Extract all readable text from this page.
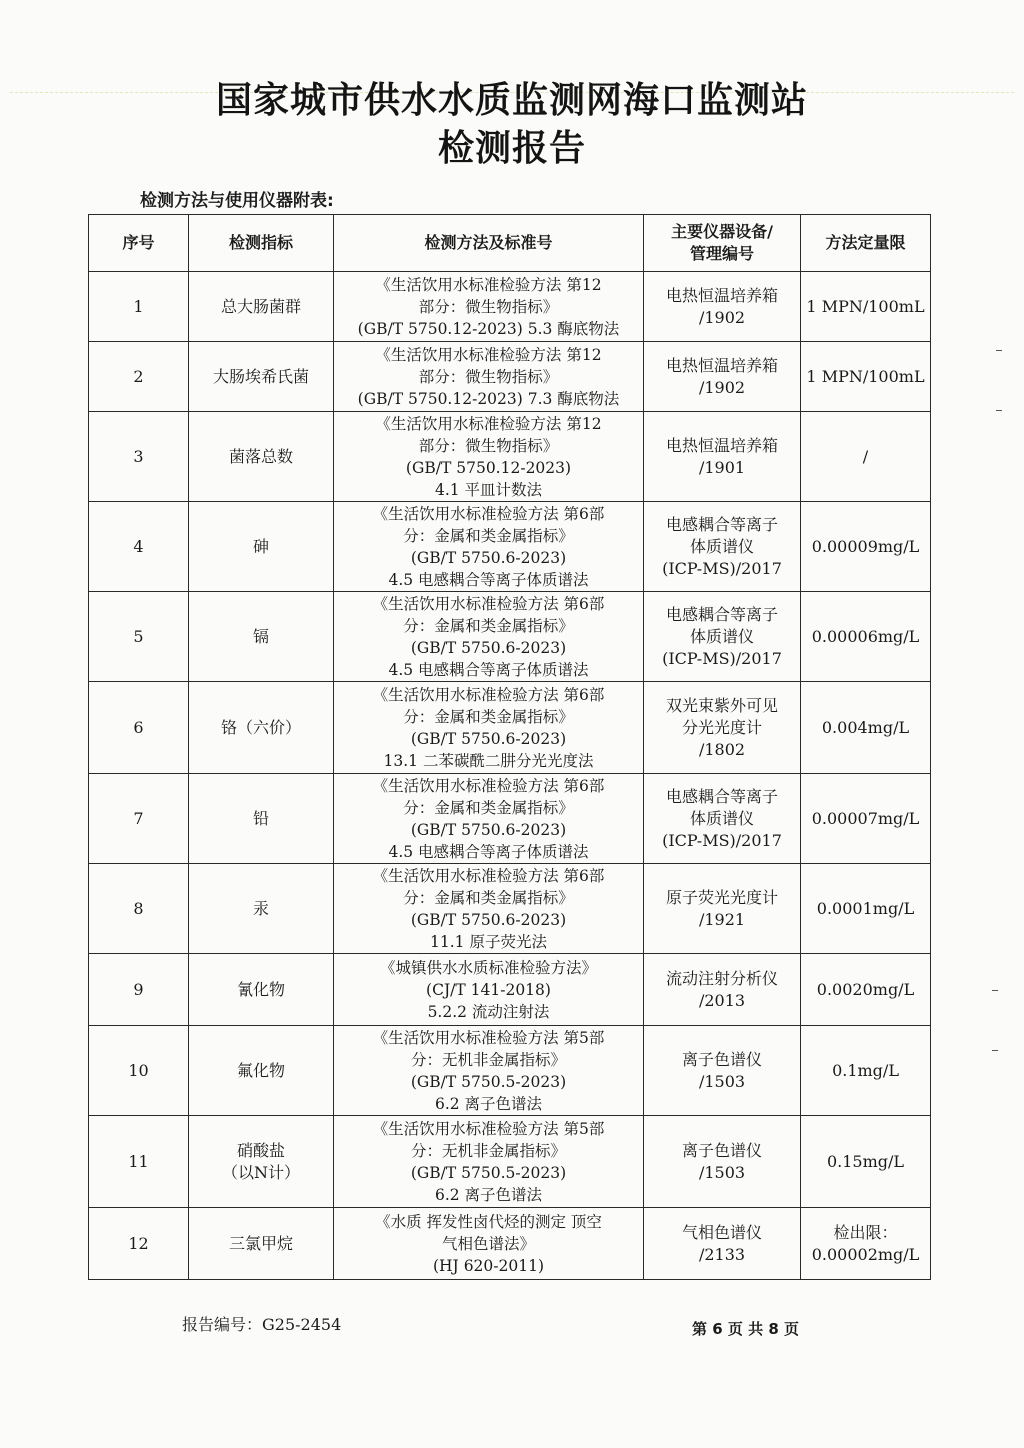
国家城市供水水质监测网海口监测站
检测报告
检测方法与使用仪器附表:
序号	检测指标	检测方法及标准号	主要仪器设备/
管理编号	方法定量限
1	总大肠菌群	《生活饮用水标准检验方法 第12
部分：微生物指标》
(GB/T 5750.12-2023) 5.3 酶底物法	电热恒温培养箱
/1902	1 MPN/100mL

2	大肠埃希氏菌	《生活饮用水标准检验方法 第12
部分：微生物指标》
(GB/T 5750.12-2023) 7.3 酶底物法	电热恒温培养箱
/1902	1 MPN/100mL

3	菌落总数	《生活饮用水标准检验方法 第12
部分：微生物指标》
(GB/T 5750.12-2023)
4.1 平皿计数法	电热恒温培养箱
/1901	/

4	砷	《生活饮用水标准检验方法 第6部
分：金属和类金属指标》
(GB/T 5750.6-2023)
4.5 电感耦合等离子体质谱法	电感耦合等离子
体质谱仪
(ICP-MS)/2017	0.00009mg/L

5	镉	《生活饮用水标准检验方法 第6部
分：金属和类金属指标》
(GB/T 5750.6-2023)
4.5 电感耦合等离子体质谱法	电感耦合等离子
体质谱仪
(ICP-MS)/2017	0.00006mg/L

6	铬（六价）	《生活饮用水标准检验方法 第6部
分：金属和类金属指标》
(GB/T 5750.6-2023)
13.1 二苯碳酰二肼分光光度法	双光束紫外可见
分光光度计
/1802	0.004mg/L

7	铅	《生活饮用水标准检验方法 第6部
分：金属和类金属指标》
(GB/T 5750.6-2023)
4.5 电感耦合等离子体质谱法	电感耦合等离子
体质谱仪
(ICP-MS)/2017	0.00007mg/L

8	汞	《生活饮用水标准检验方法 第6部
分：金属和类金属指标》
(GB/T 5750.6-2023)
11.1 原子荧光法	原子荧光光度计
/1921	0.0001mg/L

9	氰化物	《城镇供水水质标准检验方法》
(CJ/T 141-2018)
5.2.2 流动注射法	流动注射分析仪
/2013	0.0020mg/L

10	氟化物	《生活饮用水标准检验方法 第5部
分：无机非金属指标》
(GB/T 5750.5-2023)
6.2 离子色谱法	离子色谱仪
/1503	0.1mg/L

11	硝酸盐
（以N计）	《生活饮用水标准检验方法 第5部
分：无机非金属指标》
(GB/T 5750.5-2023)
6.2 离子色谱法	离子色谱仪
/1503	0.15mg/L

12	三氯甲烷	《水质 挥发性卤代烃的测定 顶空
气相色谱法》
(HJ 620-2011)	气相色谱仪
/2133	检出限：
0.00002mg/L
报告编号：G25-2454	第 6 页 共 8 页
